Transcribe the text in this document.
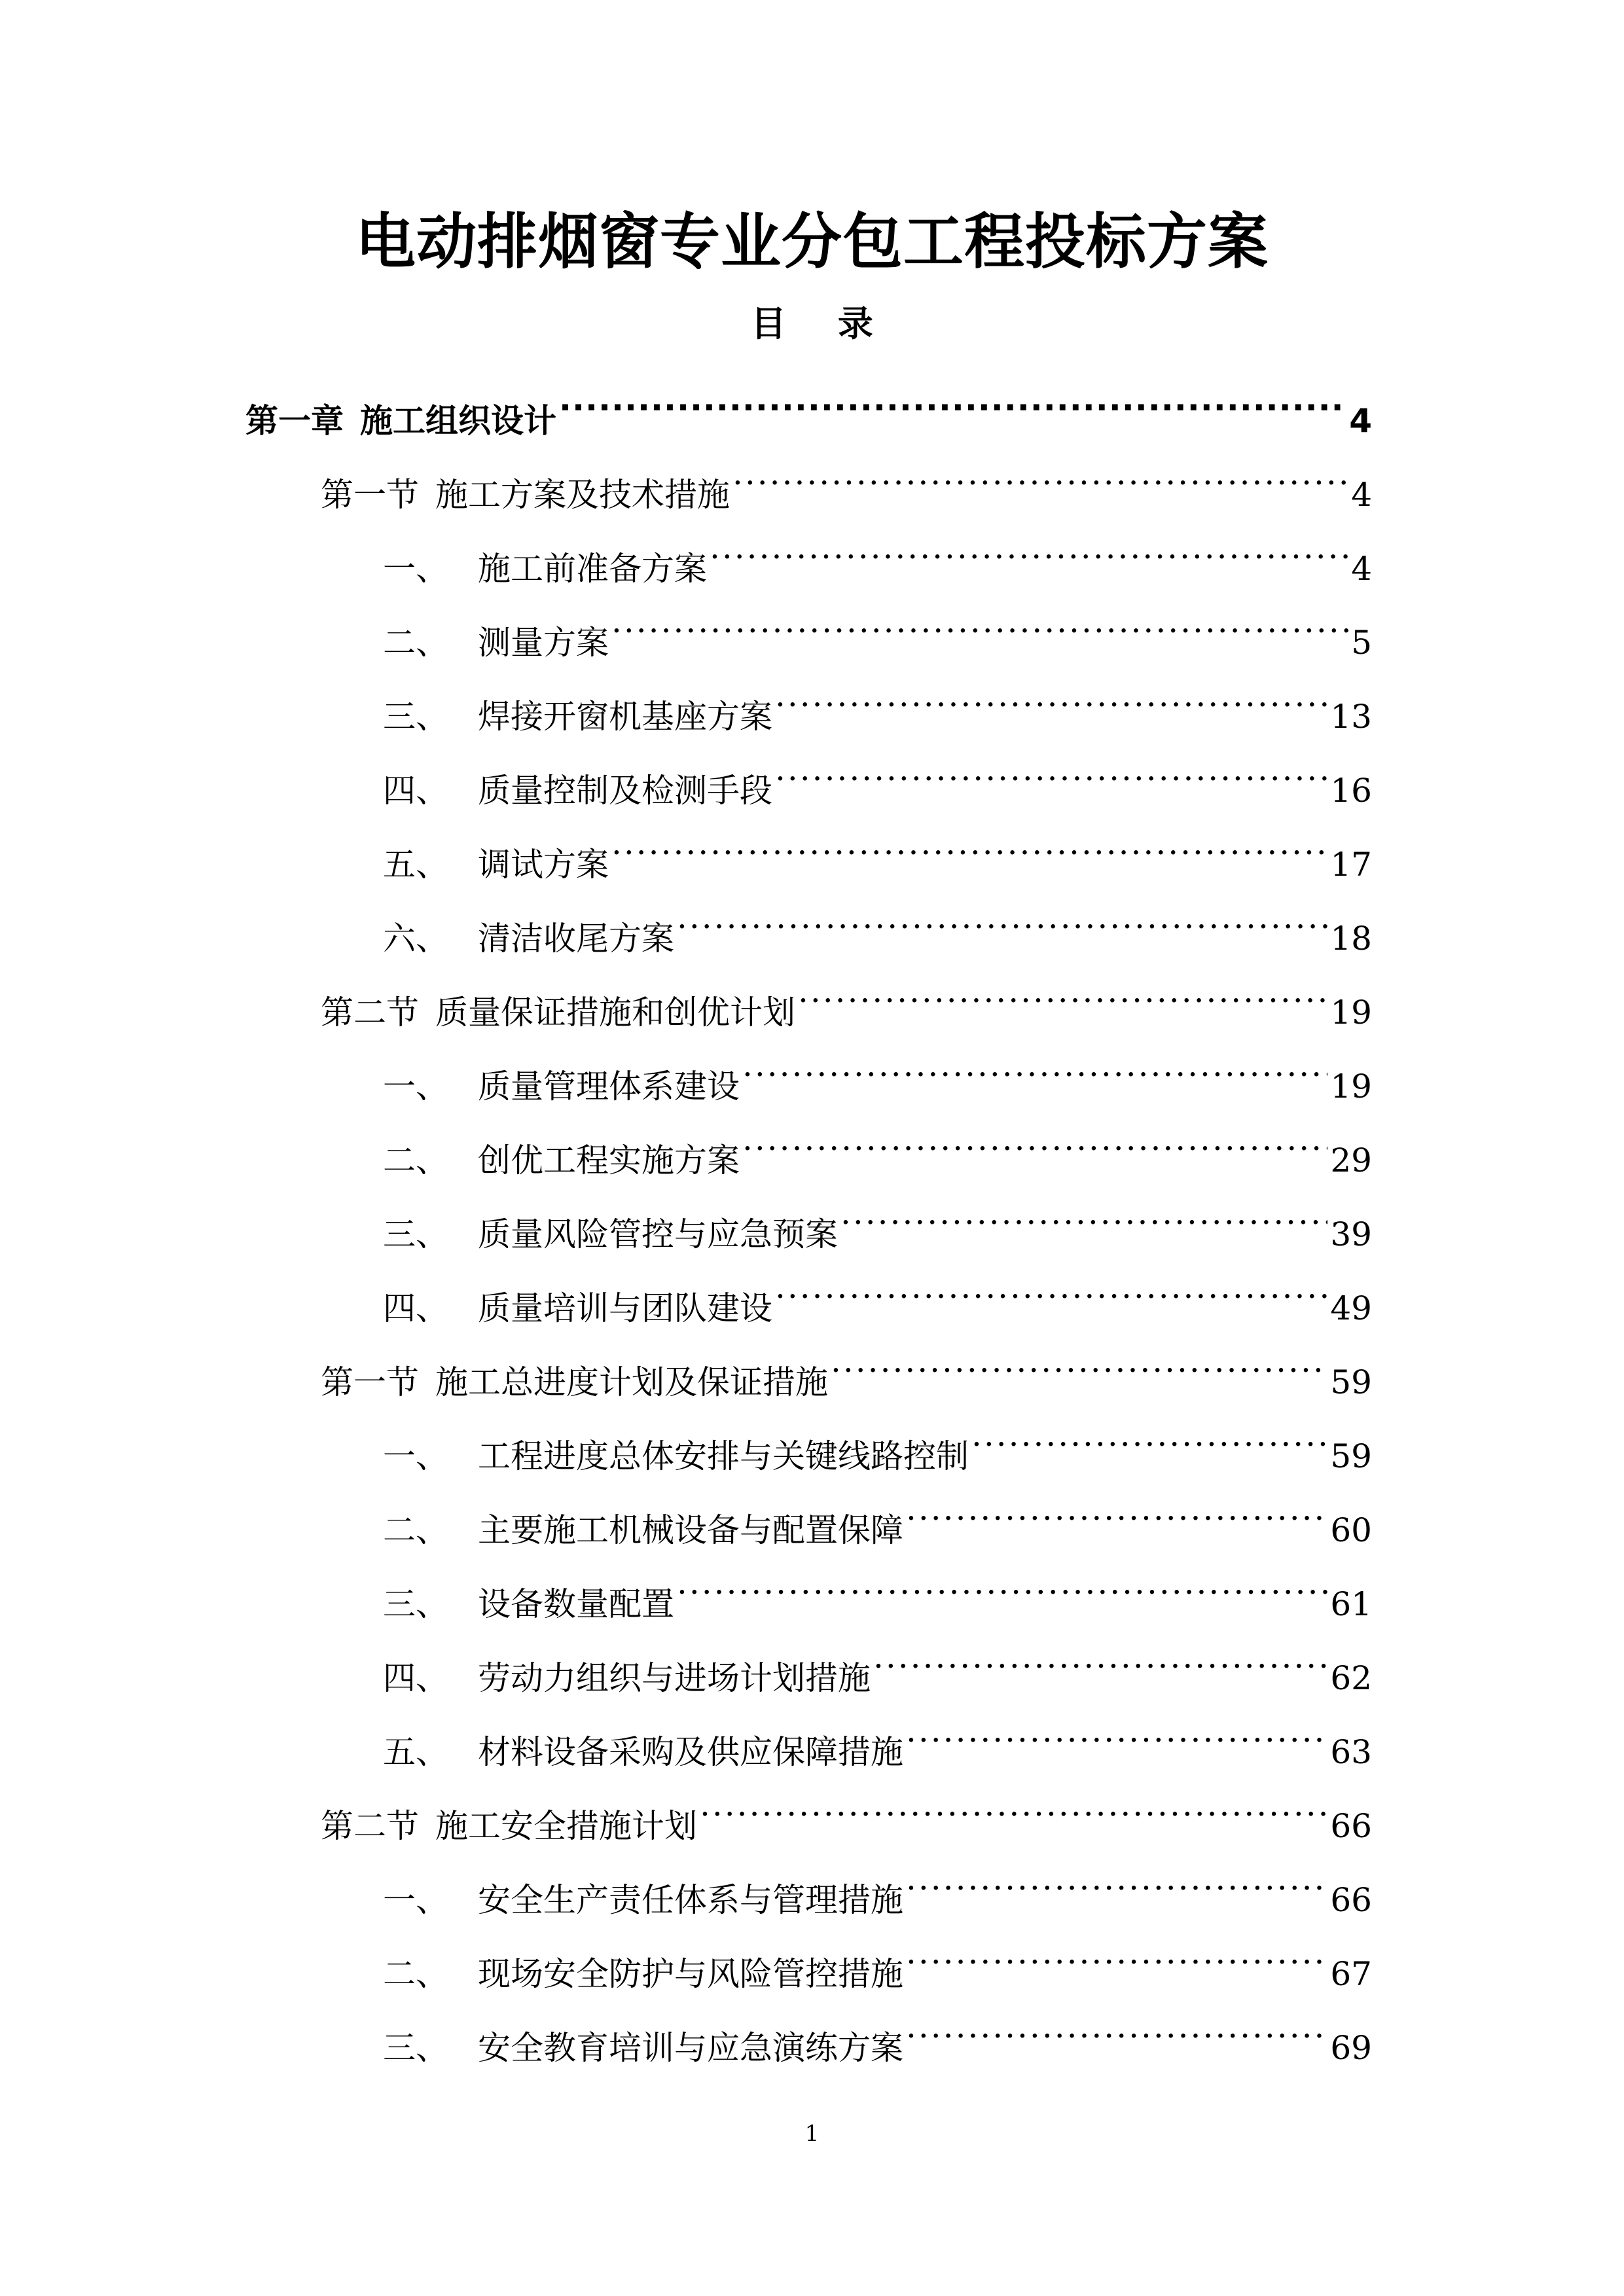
电动排烟窗专业分包工程投标方案
目 录
第一章 施工组织设计 .....	4
第一节 施工方案及技术措施 .....	4
一、 施工前准备方案 .....	4
二、 测量方案 .....	5
三、 焊接开窗机基座方案 .....	13
四、 质量控制及检测手段 .....	16
五、 调试方案 .....	17
六、 清洁收尾方案 .....	18
第二节 质量保证措施和创优计划 .....	19
一、 质量管理体系建设 .....	19
二、 创优工程实施方案 .....	29
三、 质量风险管控与应急预案 .....	39
四、 质量培训与团队建设 .....	49
第一节 施工总进度计划及保证措施 .....	59
一、 工程进度总体安排与关键线路控制 .....	59
二、 主要施工机械设备与配置保障 .....	60
三、 设备数量配置 .....	61
四、 劳动力组织与进场计划措施 .....	62
五、 材料设备采购及供应保障措施 .....	63
第二节 施工安全措施计划 .....	66
一、 安全生产责任体系与管理措施 .....	66
二、 现场安全防护与风险管控措施 .....	67
三、 安全教育培训与应急演练方案 .....	69
1
